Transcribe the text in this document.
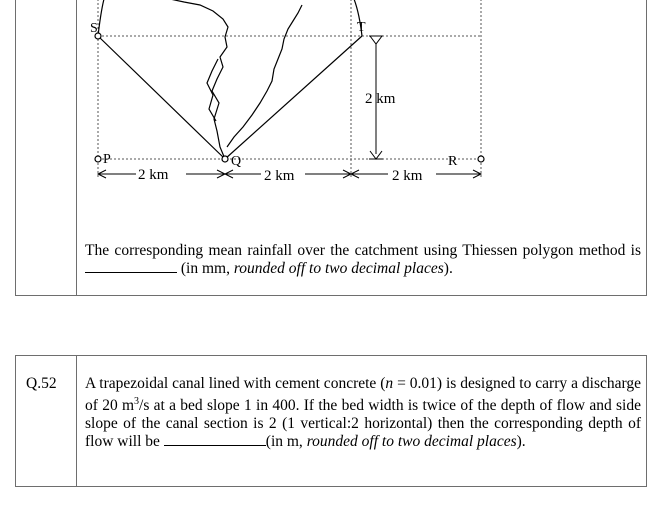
S	T
P	Q	R
2 km
2 km	2 km	2 km
The corresponding mean rainfall over the catchment using Thiessen polygon method is  (in mm, rounded off to two decimal places).
Q.52 A trapezoidal canal lined with cement concrete (n = 0.01) is designed to carry a discharge of 20 $m^3/s$ at a bed slope 1 in 400. If the bed width is twice of the depth of flow and side slope of the canal section is 2 (1 vertical:2 horizontal) then the corresponding depth of flow will be	(in m, rounded off to two decimal places).
